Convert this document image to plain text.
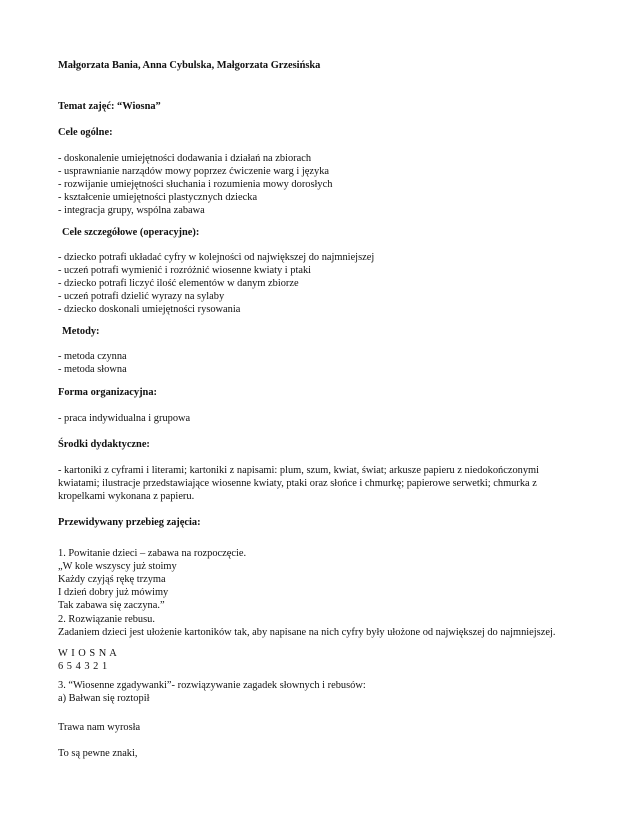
Małgorzata Bania, Anna Cybulska, Małgorzata Grzesińska
Temat zajęć: “Wiosna”
Cele ogólne:
- doskonalenie umiejętności dodawania i działań na zbiorach
- usprawnianie narządów mowy poprzez ćwiczenie warg i języka
- rozwijanie umiejętności słuchania i rozumienia mowy dorosłych
- kształcenie umiejętności plastycznych dziecka
- integracja grupy, wspólna zabawa
Cele szczegółowe (operacyjne):
- dziecko potrafi układać cyfry w kolejności od największej do najmniejszej
- uczeń potrafi wymienić i rozróżnić wiosenne kwiaty i ptaki
- dziecko potrafi liczyć ilość elementów w danym zbiorze
- uczeń potrafi dzielić wyrazy na sylaby
- dziecko doskonali umiejętności rysowania
Metody:
- metoda czynna
- metoda słowna
Forma organizacyjna:
- praca indywidualna i grupowa
Środki dydaktyczne:
- kartoniki z cyframi i literami; kartoniki z napisami: plum, szum, kwiat, świat; arkusze papieru z niedokończonymi
kwiatami; ilustracje przedstawiające wiosenne kwiaty, ptaki oraz słońce i chmurkę; papierowe serwetki; chmurka z
kropelkami wykonana z papieru.
Przewidywany przebieg zajęcia:
1. Powitanie dzieci – zabawa na rozpoczęcie.
„W kole wszyscy już stoimy
Każdy czyjąś rękę trzyma
I dzień dobry już mówimy
Tak zabawa się zaczyna.”
2. Rozwiązanie rebusu.
Zadaniem dzieci jest ułożenie kartoników tak, aby napisane na nich cyfry były ułożone od największej do najmniejszej.
W I O S N A
6 5 4 3 2 1
3. “Wiosenne zgadywanki”- rozwiązywanie zagadek słownych i rebusów:
a) Bałwan się roztopił
Trawa nam wyrosła
To są pewne znaki,
